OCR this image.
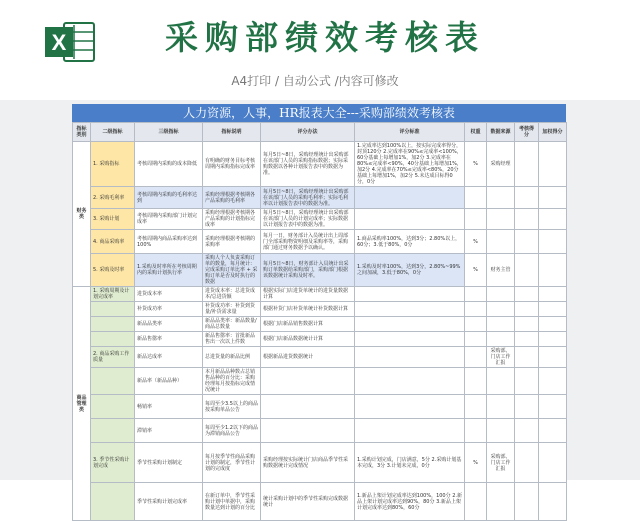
X	采购部绩效考核表
A4打印 / 自动公式 /内容可修改
人力资源，人事，HR报表大全---采购部绩效考核表
指标类别	二级指标	三级指标	指标说明	评分办法	评分标准	权重	数据来源	考核得分	加权得分
财务类	1. 采购指标	考核周期内采购的成本降低	有明确的财务目标考核周期内采购指标完成率	每月5日~8日，采购经理统计出采购部在该部门人员的采购指标数据；实际采购数据以各种计划报告表中的数据为准。	1.完成率达到100%以上，按实际完成率得分，封顶120分 2.完成率在90%≤完成率<100%，60分基础上每增加1%，加2分 3.完成率在80%≤完成率<90%，40分基础上每增加1%，加2分 4.完成率在70%≤完成率<80%，20分基础上每增加1%，加2分 5.未达成目标得0分，0分	%	采购经理		
	2. 采购毛利率	考核周期内采购的毛利率达到	采购经理根据考核期各产品采购的毛利率	每月5日~8日，采购经理统计出采购部在该部门人员的采购毛利率；实际毛利率以计划报告表中的数据为准。					
	3. 采购计划	考核周期内采购部门计划完成率	采购经理根据考核期各产品采购的计划指标完成率	每月5日~8日，采购经理统计出采购部在该部门人员的计划完成率；实际数据以计划报告表中的数据为准。					
	4. 商品采购率	考核周期内商品采购率达到100%	采购经理根据考核期的采购率	每月一日，财务部计入员统计出上周部门全部采购物资明细及采购率等，采购部门通过财务数据予以确认。	1.商品采购率100%，达到3分；2.80%以上，60分；3.低于80%，0分	%			
	5. 采购及时率	1.采购及时率所在考核周期内的采购计划执行率	采购人个人负责采购订单的数量，每月统计：完成采购订单比率 + 采购订单是否及时执行的数据	每月5日~8日，财务部计入员统计出采购订单数据给采购部门，采购部门根据该数据统计采购及时率。	1.采购及时率100%，达到3分，2.80%~99%之间加减，3.低于80%，0分	%	财务主管		
商品管理类	1. 采购周期及计划完成率	进货成本率	进货成本率：总进货成本/总进货额	根据实际门店进货单统计的进货量数据计算					
		补货成功率	补货成功率：补货到货量/补货需求量	根据补货门店补货单统计补货数据计算					
		新品品类率	新品品类率：新品数量/商品总数量	根据门店新品销售数据计算					
		新品售罄率	新品售罄率：首批新品售出一次以上件数	根据门店新品数据统计计算					
	2. 商品采购工作质量	新品达成率	总进货量的新品比例	根据新品进货数据统计			采购部、门店工作汇报		
		新品率（新品品种）	本月新品品种数占总销售品种的百分比：采购经理每月按指标完成情况统计						
		畅销率	每周至少3.5以上的商品按采购单品公告						
		滞销率	每周至少1.2以下的商品为滞销商品公告						
	3. 季节性采购计划完成	季节性采购计划制定	每月按季节性商品采购计划的制定，季节性计划的完成度	采购经理按实际统计门店商品季节性采购数据统计完成情况	1.采购计划完成，门店满意，5分 2.采购计划基本完成，3分 3.计划未完成，0分	%	采购部、门店工作汇报		
		季节性采购计划完成率	在新订单中，季节性采购计划中单据中，采购数量达到计划的百分比	统计采购计划中的季节性采购完成数据统计	1.新品上架计划完成率达到100%，100分 2.新品上架计划完成率达到90%，80分 3.新品上架计划完成率达到80%，60分				
